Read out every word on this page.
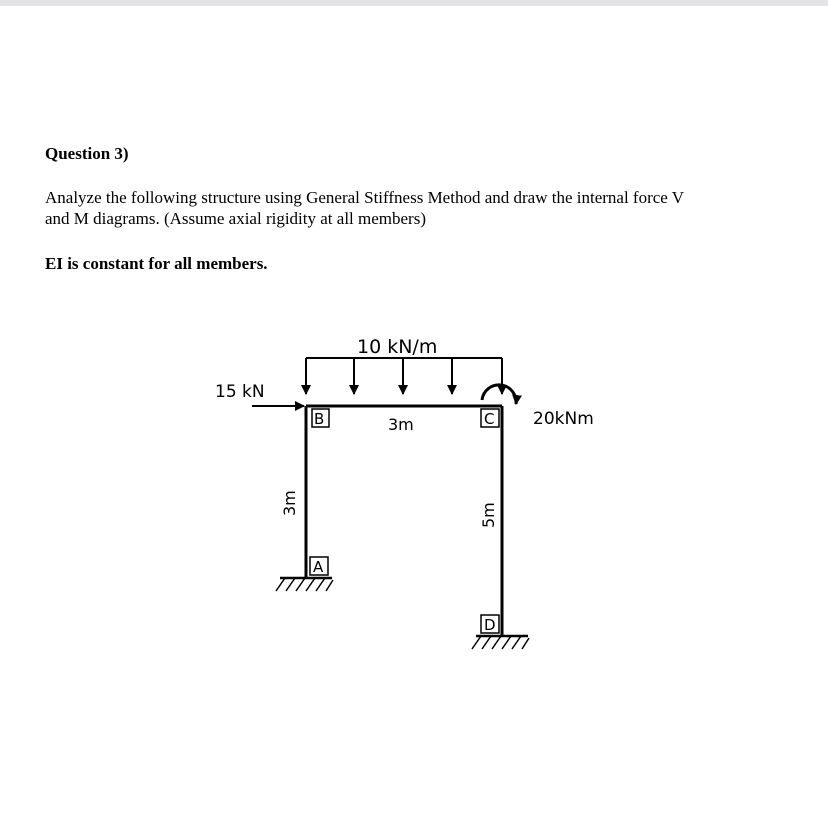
Question 3)
Analyze the following structure using General Stiffness Method and draw the internal force V
and M diagrams. (Assume axial rigidity at all members)
EI is constant for all members.
10 kN/m
15 kN
20kNm
B	C
A
D
3m
3m	5m
